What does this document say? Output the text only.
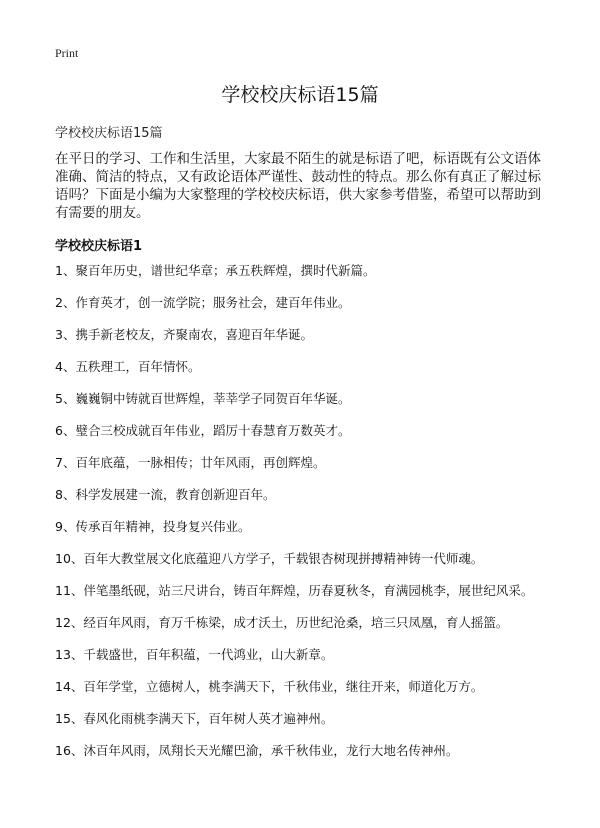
Print
学校校庆标语15篇
学校校庆标语15篇
在平日的学习、工作和生活里，大家最不陌生的就是标语了吧，标语既有公文语体准确、简洁的特点，又有政论语体严谨性、鼓动性的特点。那么你有真正了解过标语吗？下面是小编为大家整理的学校校庆标语，供大家参考借鉴，希望可以帮助到有需要的朋友。
学校校庆标语1
1、聚百年历史，谱世纪华章；承五秩辉煌，撰时代新篇。
2、作育英才，创一流学院；服务社会，建百年伟业。
3、携手新老校友，齐聚南农，喜迎百年华诞。
4、五秩理工，百年情怀。
5、巍巍铜中铸就百世辉煌，莘莘学子同贺百年华诞。
6、璧合三校成就百年伟业，蹈厉十春慧育万数英才。
7、百年底蕴，一脉相传；廿年风雨，再创辉煌。
8、科学发展建一流，教育创新迎百年。
9、传承百年精神，投身复兴伟业。
10、百年大教堂展文化底蕴迎八方学子，千载银杏树现拼搏精神铸一代师魂。
11、伴笔墨纸砚，站三尺讲台，铸百年辉煌，历春夏秋冬，育满园桃李，展世纪风采。
12、经百年风雨，育万千栋梁，成才沃土，历世纪沧桑，培三只凤凰，育人摇篮。
13、千载盛世，百年积蕴，一代鸿业，山大新章。
14、百年学堂，立德树人，桃李满天下，千秋伟业，继往开来，师道化万方。
15、春风化雨桃李满天下，百年树人英才遍神州。
16、沐百年风雨，凤翔长天光耀巴渝，承千秋伟业，龙行大地名传神州。
